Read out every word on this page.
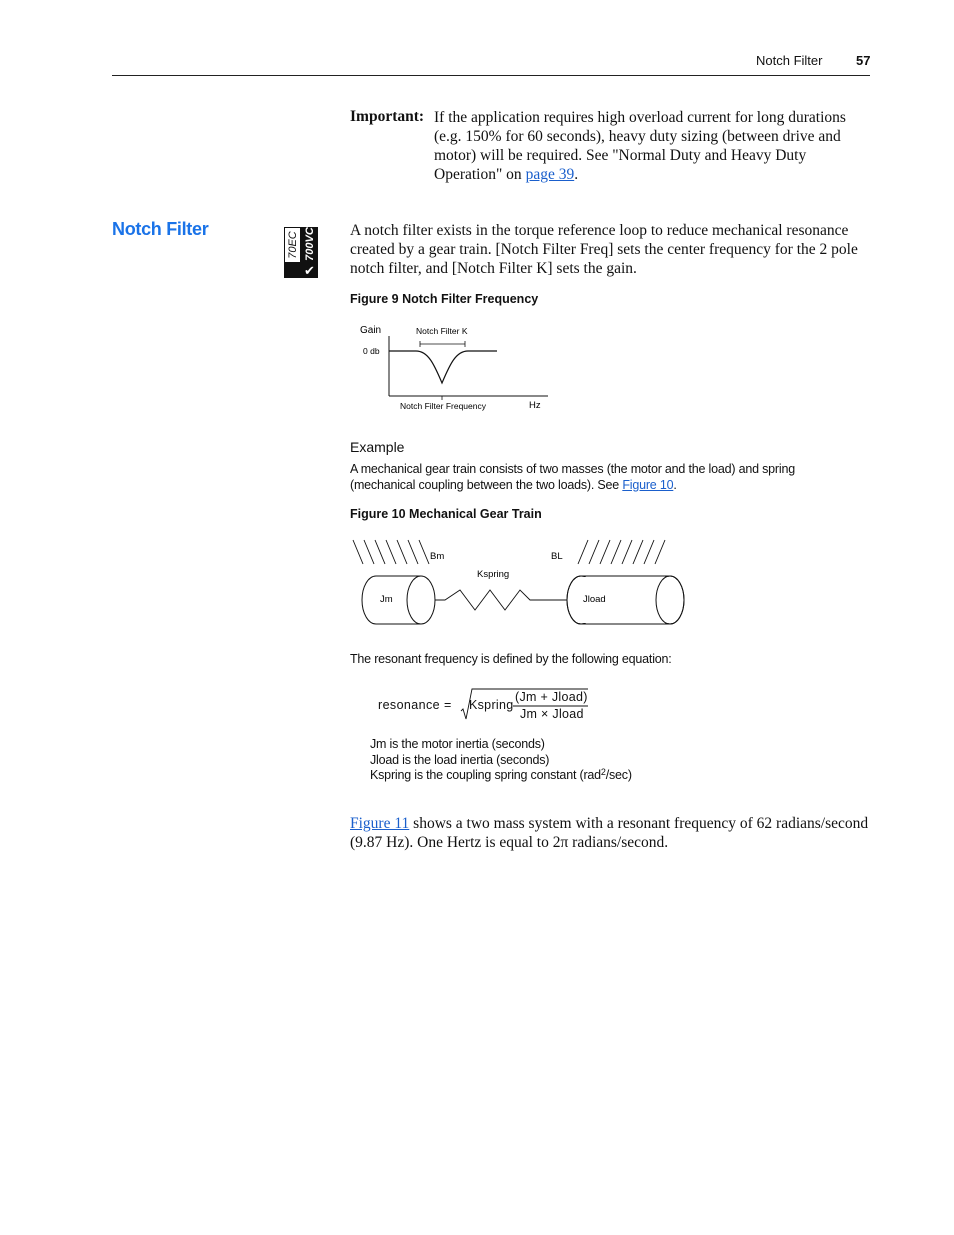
Notch Filter	57
Important: If the application requires high overload current for long durations (e.g. 150% for 60 seconds), heavy duty sizing (between drive and motor) will be required. See "Normal Duty and Heavy Duty Operation" on page 39.
Notch Filter
70EC 700VC
✔
A notch filter exists in the torque reference loop to reduce mechanical resonance created by a gear train. [Notch Filter Freq] sets the center frequency for the 2 pole notch filter, and [Notch Filter K] sets the gain.
Figure 9 Notch Filter Frequency
Gain
0 db
Notch Filter K
Notch Filter Frequency	Hz
Example
A mechanical gear train consists of two masses (the motor and the load) and spring (mechanical coupling between the two loads). See Figure 10.
Figure 10 Mechanical Gear Train
Bm	BL
Kspring
Jm	Jload
The resonant frequency is defined by the following equation:
resonance = Kspring
(Jm + Jload)
Jm × Jload
Jm is the motor inertia (seconds)
Jload is the load inertia (seconds)
Kspring is the coupling spring constant (rad$^2$/sec)
Figure 11 shows a two mass system with a resonant frequency of 62 radians/second (9.87 Hz). One Hertz is equal to 2π radians/second.
